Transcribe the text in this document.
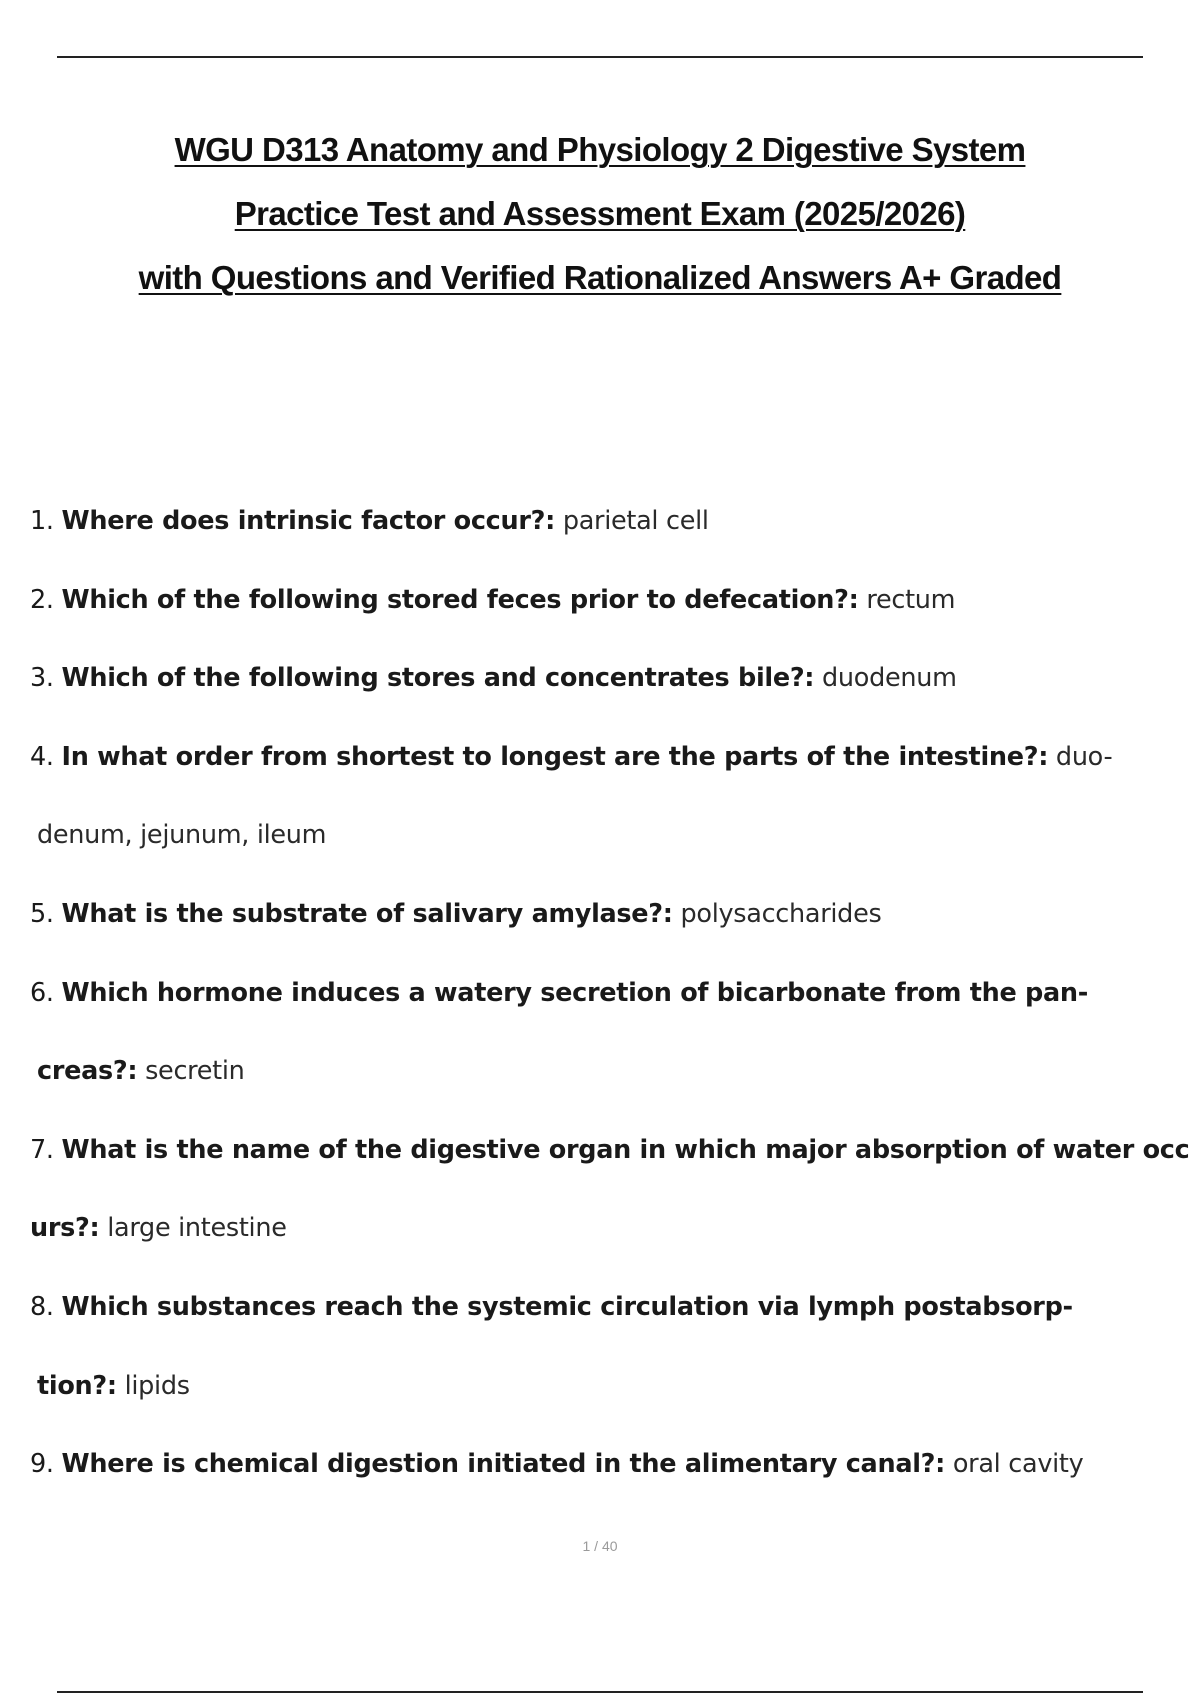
WGU D313 Anatomy and Physiology 2 Digestive System
Practice Test and Assessment Exam (2025/2026)
with Questions and Verified Rationalized Answers A+ Graded
1. Where does intrinsic factor occur?: parietal cell
2. Which of the following stored feces prior to defecation?: rectum
3. Which of the following stores and concentrates bile?: duodenum
4. In what order from shortest to longest are the parts of the intestine?: duo-
denum, jejunum, ileum
5. What is the substrate of salivary amylase?: polysaccharides
6. Which hormone induces a watery secretion of bicarbonate from the pan-
creas?: secretin
7. What is the name of the digestive organ in which major absorption of water occ
urs?: large intestine
8. Which substances reach the systemic circulation via lymph postabsorp-
tion?: lipids
9. Where is chemical digestion initiated in the alimentary canal?: oral cavity
1 / 40
